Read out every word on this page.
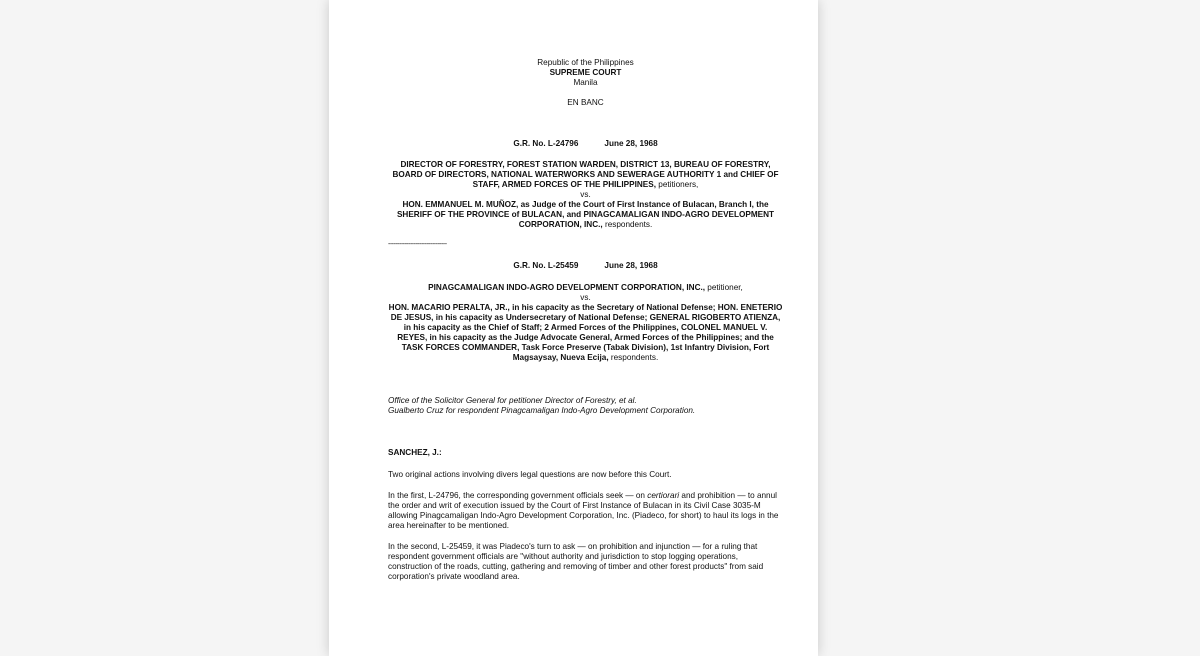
Republic of the Philippines
SUPREME COURT
Manila
EN BANC
G.R. No. L-24796	June 28, 1968
DIRECTOR OF FORESTRY, FOREST STATION WARDEN, DISTRICT 13, BUREAU OF FORESTRY, BOARD OF DIRECTORS, NATIONAL WATERWORKS AND SEWERAGE AUTHORITY 1 and CHIEF OF STAFF, ARMED FORCES OF THE PHILIPPINES, petitioners,
vs.
HON. EMMANUEL M. MUÑOZ, as Judge of the Court of First Instance of Bulacan, Branch I, the SHERIFF OF THE PROVINCE of BULACAN, and PINAGCAMALIGAN INDO-AGRO DEVELOPMENT CORPORATION, INC., respondents.
--------------------------------
G.R. No. L-25459	June 28, 1968
PINAGCAMALIGAN INDO-AGRO DEVELOPMENT CORPORATION, INC., petitioner,
vs.
HON. MACARIO PERALTA, JR., in his capacity as the Secretary of National Defense; HON. ENETERIO DE JESUS, in his capacity as Undersecretary of National Defense; GENERAL RIGOBERTO ATIENZA, in his capacity as the Chief of Staff; 2 Armed Forces of the Philippines, COLONEL MANUEL V. REYES, in his capacity as the Judge Advocate General, Armed Forces of the Philippines; and the TASK FORCES COMMANDER, Task Force Preserve (Tabak Division), 1st Infantry Division, Fort Magsaysay, Nueva Ecija, respondents.
Office of the Solicitor General for petitioner Director of Forestry, et al.
Gualberto Cruz for respondent Pinagcamaligan Indo-Agro Development Corporation.
SANCHEZ, J.:

Two original actions involving divers legal questions are now before this Court.

In the first, L-24796, the corresponding government officials seek — on certiorari and prohibition — to annul the order and writ of execution issued by the Court of First Instance of Bulacan in its Civil Case 3035-M allowing Pinagcamaligan Indo-Agro Development Corporation, Inc. (Piadeco, for short) to haul its logs in the area hereinafter to be mentioned.

In the second, L-25459, it was Piadeco's turn to ask — on prohibition and injunction — for a ruling that respondent government officials are "without authority and jurisdiction to stop logging operations, construction of the roads, cutting, gathering and removing of timber and other forest products" from said corporation's private woodland area.
